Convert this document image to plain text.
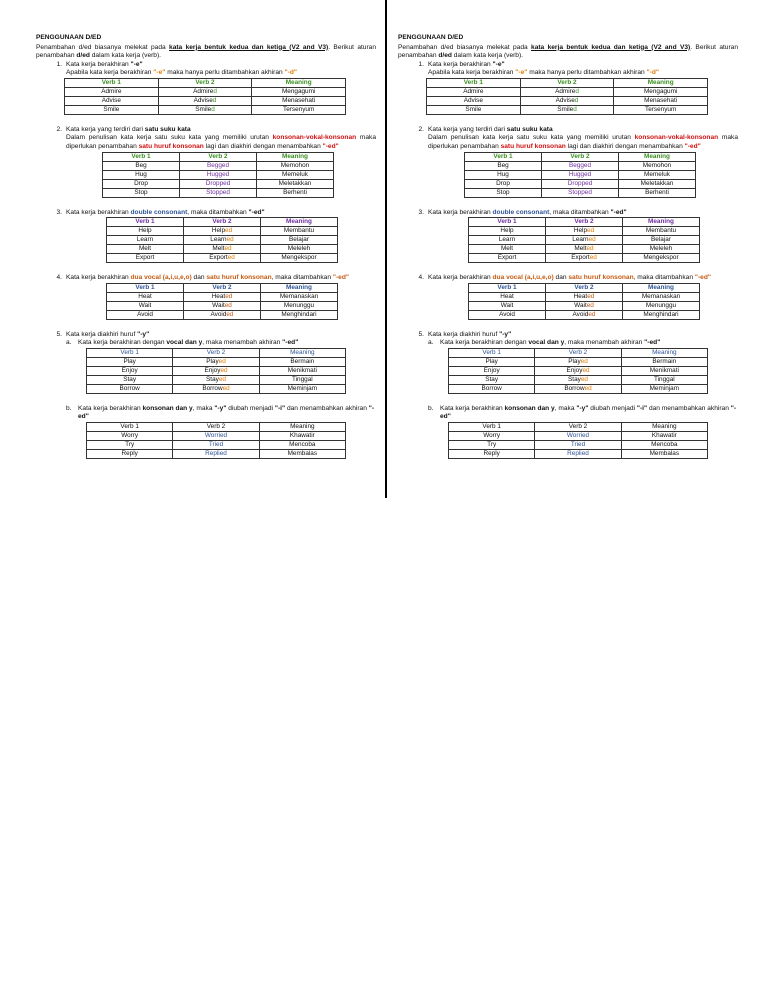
PENGGUNAAN D/ED
Penambahan d/ed biasanya melekat pada kata kerja bentuk kedua dan ketiga (V2 and V3). Berikut aturan penambahan d/ed dalam kata kerja (verb).
1. Kata kerja berakhiran "-e"
Apabila kata kerja berakhiran "-e" maka hanya perlu ditambahkan akhiran "-d"
Verb 1	Verb 2	Meaning
Admire	Admired	Mengagumi
Advise	Advised	Menasehati
Smile	Smiled	Tersenyum
2. Kata kerja yang terdiri dari satu suku kata
Dalam penulisan kata kerja satu suku kata yang memiliki urutan konsonan-vokal-konsonan maka diperlukan penambahan satu huruf konsonan lagi dan diakhiri dengan menambahkan "-ed"
Verb 1	Verb 2	Meaning
Beg	Begged	Memohon
Hug	Hugged	Memeluk
Drop	Dropped	Meletakkan
Stop	Stopped	Berhenti
3. Kata kerja berakhiran double consonant, maka ditambahkan "-ed"
Verb 1	Verb 2	Meaning
Help	Helped	Membantu
Learn	Learned	Belajar
Melt	Melted	Meleleh
Export	Exported	Mengekspor
4. Kata kerja berakhiran dua vocal (a,i,u,e,o) dan satu huruf konsonan, maka ditambahkan "-ed"
Verb 1	Verb 2	Meaning
Heat	Heated	Memanaskan
Wait	Waited	Menunggu
Avoid	Avoided	Menghindari
5. Kata kerja diakhiri huruf "-y"
a. Kata kerja berakhiran dengan vocal dan y, maka menambah akhiran "-ed"
Verb 1	Verb 2	Meaning
Play	Played	Bermain
Enjoy	Enjoyed	Menikmati
Stay	Stayed	Tinggal
Borrow	Borrowed	Meminjam
b. Kata kerja berakhiran konsonan dan y, maka "-y" diubah menjadi "-i" dan menambahkan akhiran "-ed"
Verb 1	Verb 2	Meaning
Worry	Worried	Khawatir
Try	Tried	Mencoba
Reply	Replied	Membalas
PENGGUNAAN D/ED
Penambahan d/ed biasanya melekat pada kata kerja bentuk kedua dan ketiga (V2 and V3). Berikut aturan penambahan d/ed dalam kata kerja (verb).
1. Kata kerja berakhiran "-e"
Apabila kata kerja berakhiran "-e" maka hanya perlu ditambahkan akhiran "-d"
Verb 1	Verb 2	Meaning
Admire	Admired	Mengagumi
Advise	Advised	Menasehati
Smile	Smiled	Tersenyum
2. Kata kerja yang terdiri dari satu suku kata
Dalam penulisan kata kerja satu suku kata yang memiliki urutan konsonan-vokal-konsonan maka diperlukan penambahan satu huruf konsonan lagi dan diakhiri dengan menambahkan "-ed"
Verb 1	Verb 2	Meaning
Beg	Begged	Memohon
Hug	Hugged	Memeluk
Drop	Dropped	Meletakkan
Stop	Stopped	Berhenti
3. Kata kerja berakhiran double consonant, maka ditambahkan "-ed"
Verb 1	Verb 2	Meaning
Help	Helped	Membantu
Learn	Learned	Belajar
Melt	Melted	Meleleh
Export	Exported	Mengekspor
4. Kata kerja berakhiran dua vocal (a,i,u,e,o) dan satu huruf konsonan, maka ditambahkan "-ed"
Verb 1	Verb 2	Meaning
Heat	Heated	Memanaskan
Wait	Waited	Menunggu
Avoid	Avoided	Menghindari
5. Kata kerja diakhiri huruf "-y"
a. Kata kerja berakhiran dengan vocal dan y, maka menambah akhiran "-ed"
Verb 1	Verb 2	Meaning
Play	Played	Bermain
Enjoy	Enjoyed	Menikmati
Stay	Stayed	Tinggal
Borrow	Borrowed	Meminjam
b. Kata kerja berakhiran konsonan dan y, maka "-y" diubah menjadi "-i" dan menambahkan akhiran "-ed"
Verb 1	Verb 2	Meaning
Worry	Worried	Khawatir
Try	Tried	Mencoba
Reply	Replied	Membalas
